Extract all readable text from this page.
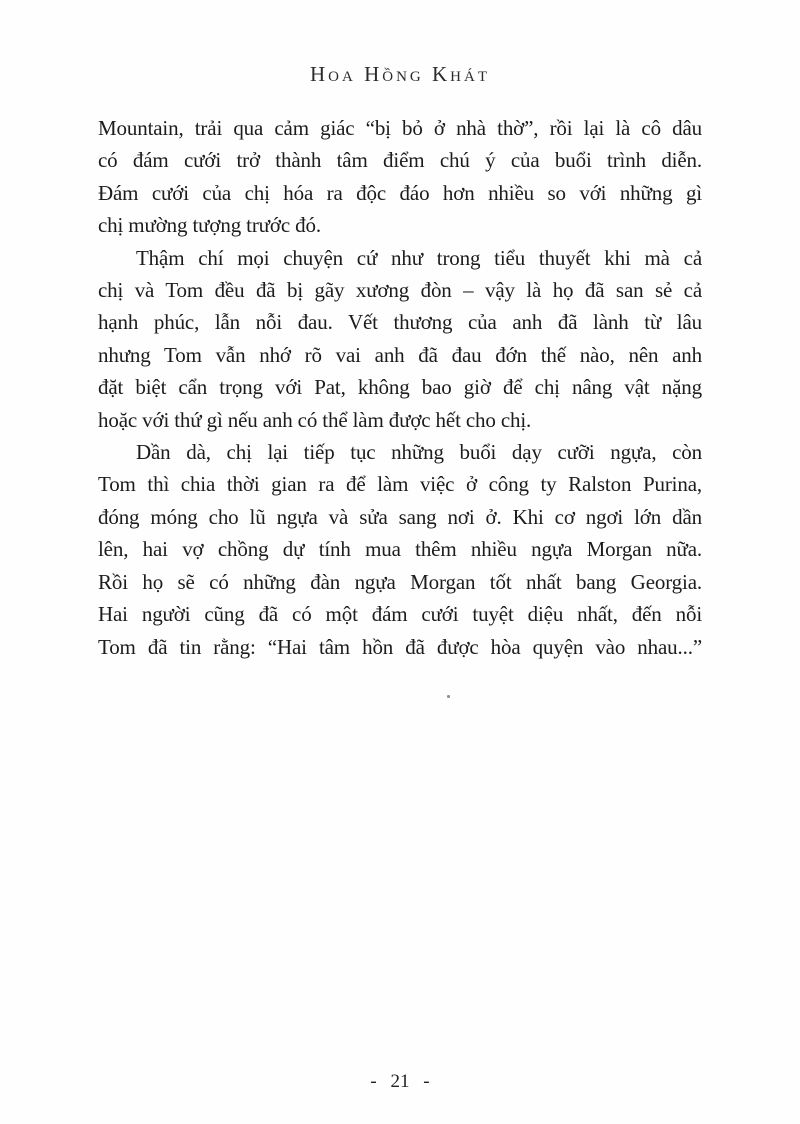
Hoa Hồng Khát
Mountain, trải qua cảm giác “bị bỏ ở nhà thờ”, rồi lại là cô dâu
có đám cưới trở thành tâm điểm chú ý của buổi trình diễn.
Đám cưới của chị hóa ra độc đáo hơn nhiều so với những gì
chị mường tượng trước đó.
Thậm chí mọi chuyện cứ như trong tiểu thuyết khi mà cả
chị và Tom đều đã bị gãy xương đòn – vậy là họ đã san sẻ cả
hạnh phúc, lẫn nỗi đau. Vết thương của anh đã lành từ lâu
nhưng Tom vẫn nhớ rõ vai anh đã đau đớn thế nào, nên anh
đặt biệt cẩn trọng với Pat, không bao giờ để chị nâng vật nặng
hoặc với thứ gì nếu anh có thể làm được hết cho chị.
Dần dà, chị lại tiếp tục những buổi dạy cưỡi ngựa, còn
Tom thì chia thời gian ra để làm việc ở công ty Ralston Purina,
đóng móng cho lũ ngựa và sửa sang nơi ở. Khi cơ ngơi lớn dần
lên, hai vợ chồng dự tính mua thêm nhiều ngựa Morgan nữa.
Rồi họ sẽ có những đàn ngựa Morgan tốt nhất bang Georgia.
Hai người cũng đã có một đám cưới tuyệt diệu nhất, đến nỗi
Tom đã tin rằng: “Hai tâm hồn đã được hòa quyện vào nhau...”
- 21 -
